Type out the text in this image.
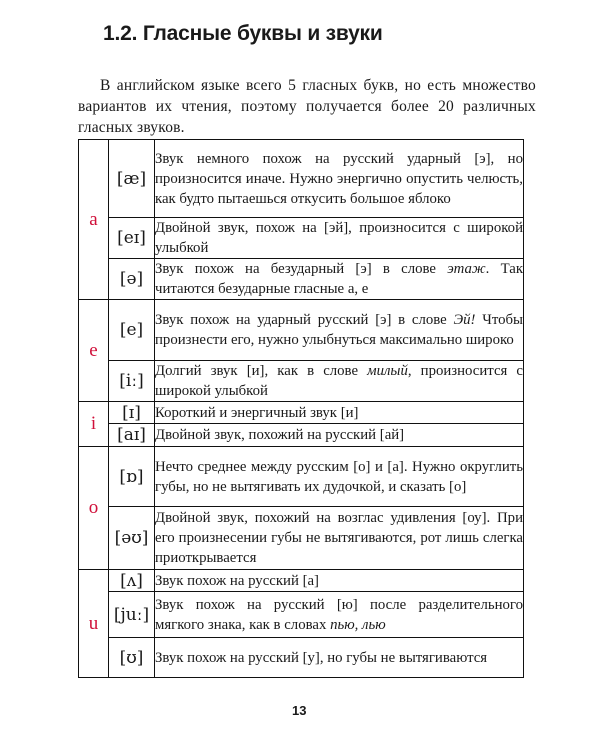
1.2. Гласные буквы и звуки

В английском языке всего 5 гласных букв, но есть множество вариантов их чтения, поэтому получается более 20 различных гласных звуков.

a	[æ]	Звук немного похож на русский ударный [э], но произносится иначе. Нужно энергично опустить челюсть, как будто пытаешься откусить большое яблоко
	[eɪ]	Двойной звук, похож на [эй], произносится с широкой улыбкой
	[ə]	Звук похож на безударный [э] в слове этаж. Так читаются безударные гласные a, e
e	[e]	Звук похож на ударный русский [э] в слове Эй! Чтобы произнести его, нужно улыбнуться максимально широко
	[iː]	Долгий звук [и], как в слове милый, произносится с широкой улыбкой
i	[ɪ]	Короткий и энергичный звук [и]
	[aɪ]	Двойной звук, похожий на русский [ай]
o	[ɒ]	Нечто среднее между русским [о] и [а]. Нужно округлить губы, но не вытягивать их дудочкой, и сказать [о]
	[əʊ]	Двойной звук, похожий на возглас удивления [оу]. При его произнесении губы не вытягиваются, рот лишь слегка приоткрывается
u	[ʌ]	Звук похож на русский [а]
	[juː]	Звук похож на русский [ю] после разделительного мягкого знака, как в словах пью, лью
	[ʊ]	Звук похож на русский [у], но губы не вытягиваются
13
